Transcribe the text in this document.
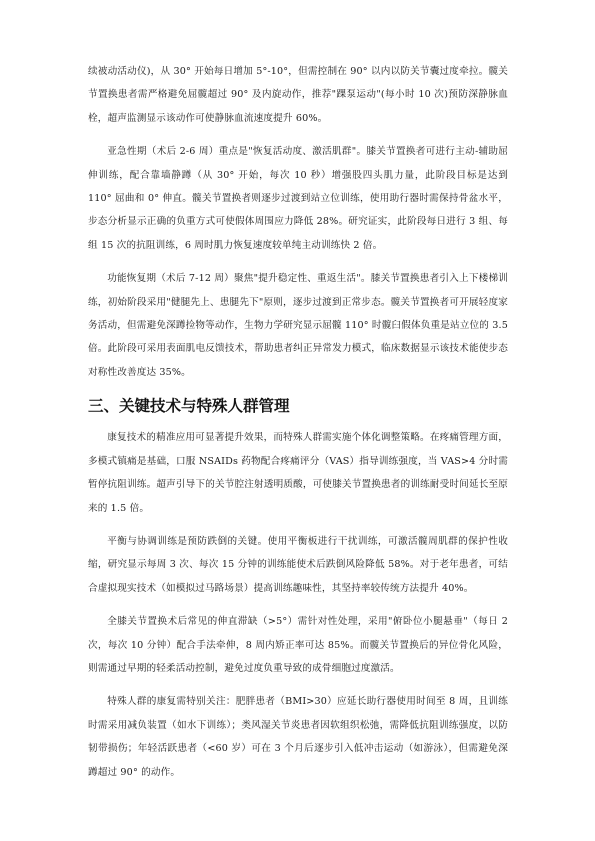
续被动活动仪)，从 30° 开始每日增加 5°-10°，但需控制在 90° 以内以防关节囊过度牵拉。髋关节置换患者需严格避免屈髋超过 90° 及内旋动作，推荐"踝泵运动"(每小时 10 次)预防深静脉血栓，超声监测显示该动作可使静脉血流速度提升 60%。

亚急性期（术后 2-6 周）重点是"恢复活动度、激活肌群"。膝关节置换者可进行主动-辅助屈伸训练，配合靠墙静蹲（从 30° 开始，每次 10 秒）增强股四头肌力量，此阶段目标是达到 110° 屈曲和 0° 伸直。髋关节置换者则逐步过渡到站立位训练，使用助行器时需保持骨盆水平，步态分析显示正确的负重方式可使假体周围应力降低 28%。研究证实，此阶段每日进行 3 组、每组 15 次的抗阻训练，6 周时肌力恢复速度较单纯主动训练快 2 倍。

功能恢复期（术后 7-12 周）聚焦"提升稳定性、重返生活"。膝关节置换患者引入上下楼梯训练，初始阶段采用"健腿先上、患腿先下"原则，逐步过渡到正常步态。髋关节置换者可开展轻度家务活动，但需避免深蹲捡物等动作，生物力学研究显示屈髋 110° 时髋臼假体负重是站立位的 3.5 倍。此阶段可采用表面肌电反馈技术，帮助患者纠正异常发力模式，临床数据显示该技术能使步态对称性改善度达 35%。

三、关键技术与特殊人群管理

康复技术的精准应用可显著提升效果，而特殊人群需实施个体化调整策略。在疼痛管理方面，多模式镇痛是基础，口服 NSAIDs 药物配合疼痛评分（VAS）指导训练强度，当 VAS>4 分时需暂停抗阻训练。超声引导下的关节腔注射透明质酸，可使膝关节置换患者的训练耐受时间延长至原来的 1.5 倍。

平衡与协调训练是预防跌倒的关键。使用平衡板进行干扰训练，可激活髋周肌群的保护性收缩，研究显示每周 3 次、每次 15 分钟的训练能使术后跌倒风险降低 58%。对于老年患者，可结合虚拟现实技术（如模拟过马路场景）提高训练趣味性，其坚持率较传统方法提升 40%。

全膝关节置换术后常见的伸直滞缺（>5°）需针对性处理，采用"俯卧位小腿悬垂"（每日 2 次，每次 10 分钟）配合手法牵伸，8 周内矫正率可达 85%。而髋关节置换后的异位骨化风险，则需通过早期的轻柔活动控制，避免过度负重导致的成骨细胞过度激活。

特殊人群的康复需特别关注：肥胖患者（BMI>30）应延长助行器使用时间至 8 周，且训练时需采用减负装置（如水下训练）；类风湿关节炎患者因软组织松弛，需降低抗阻训练强度，以防韧带损伤；年轻活跃患者（<60 岁）可在 3 个月后逐步引入低冲击运动（如游泳），但需避免深蹲超过 90° 的动作。
